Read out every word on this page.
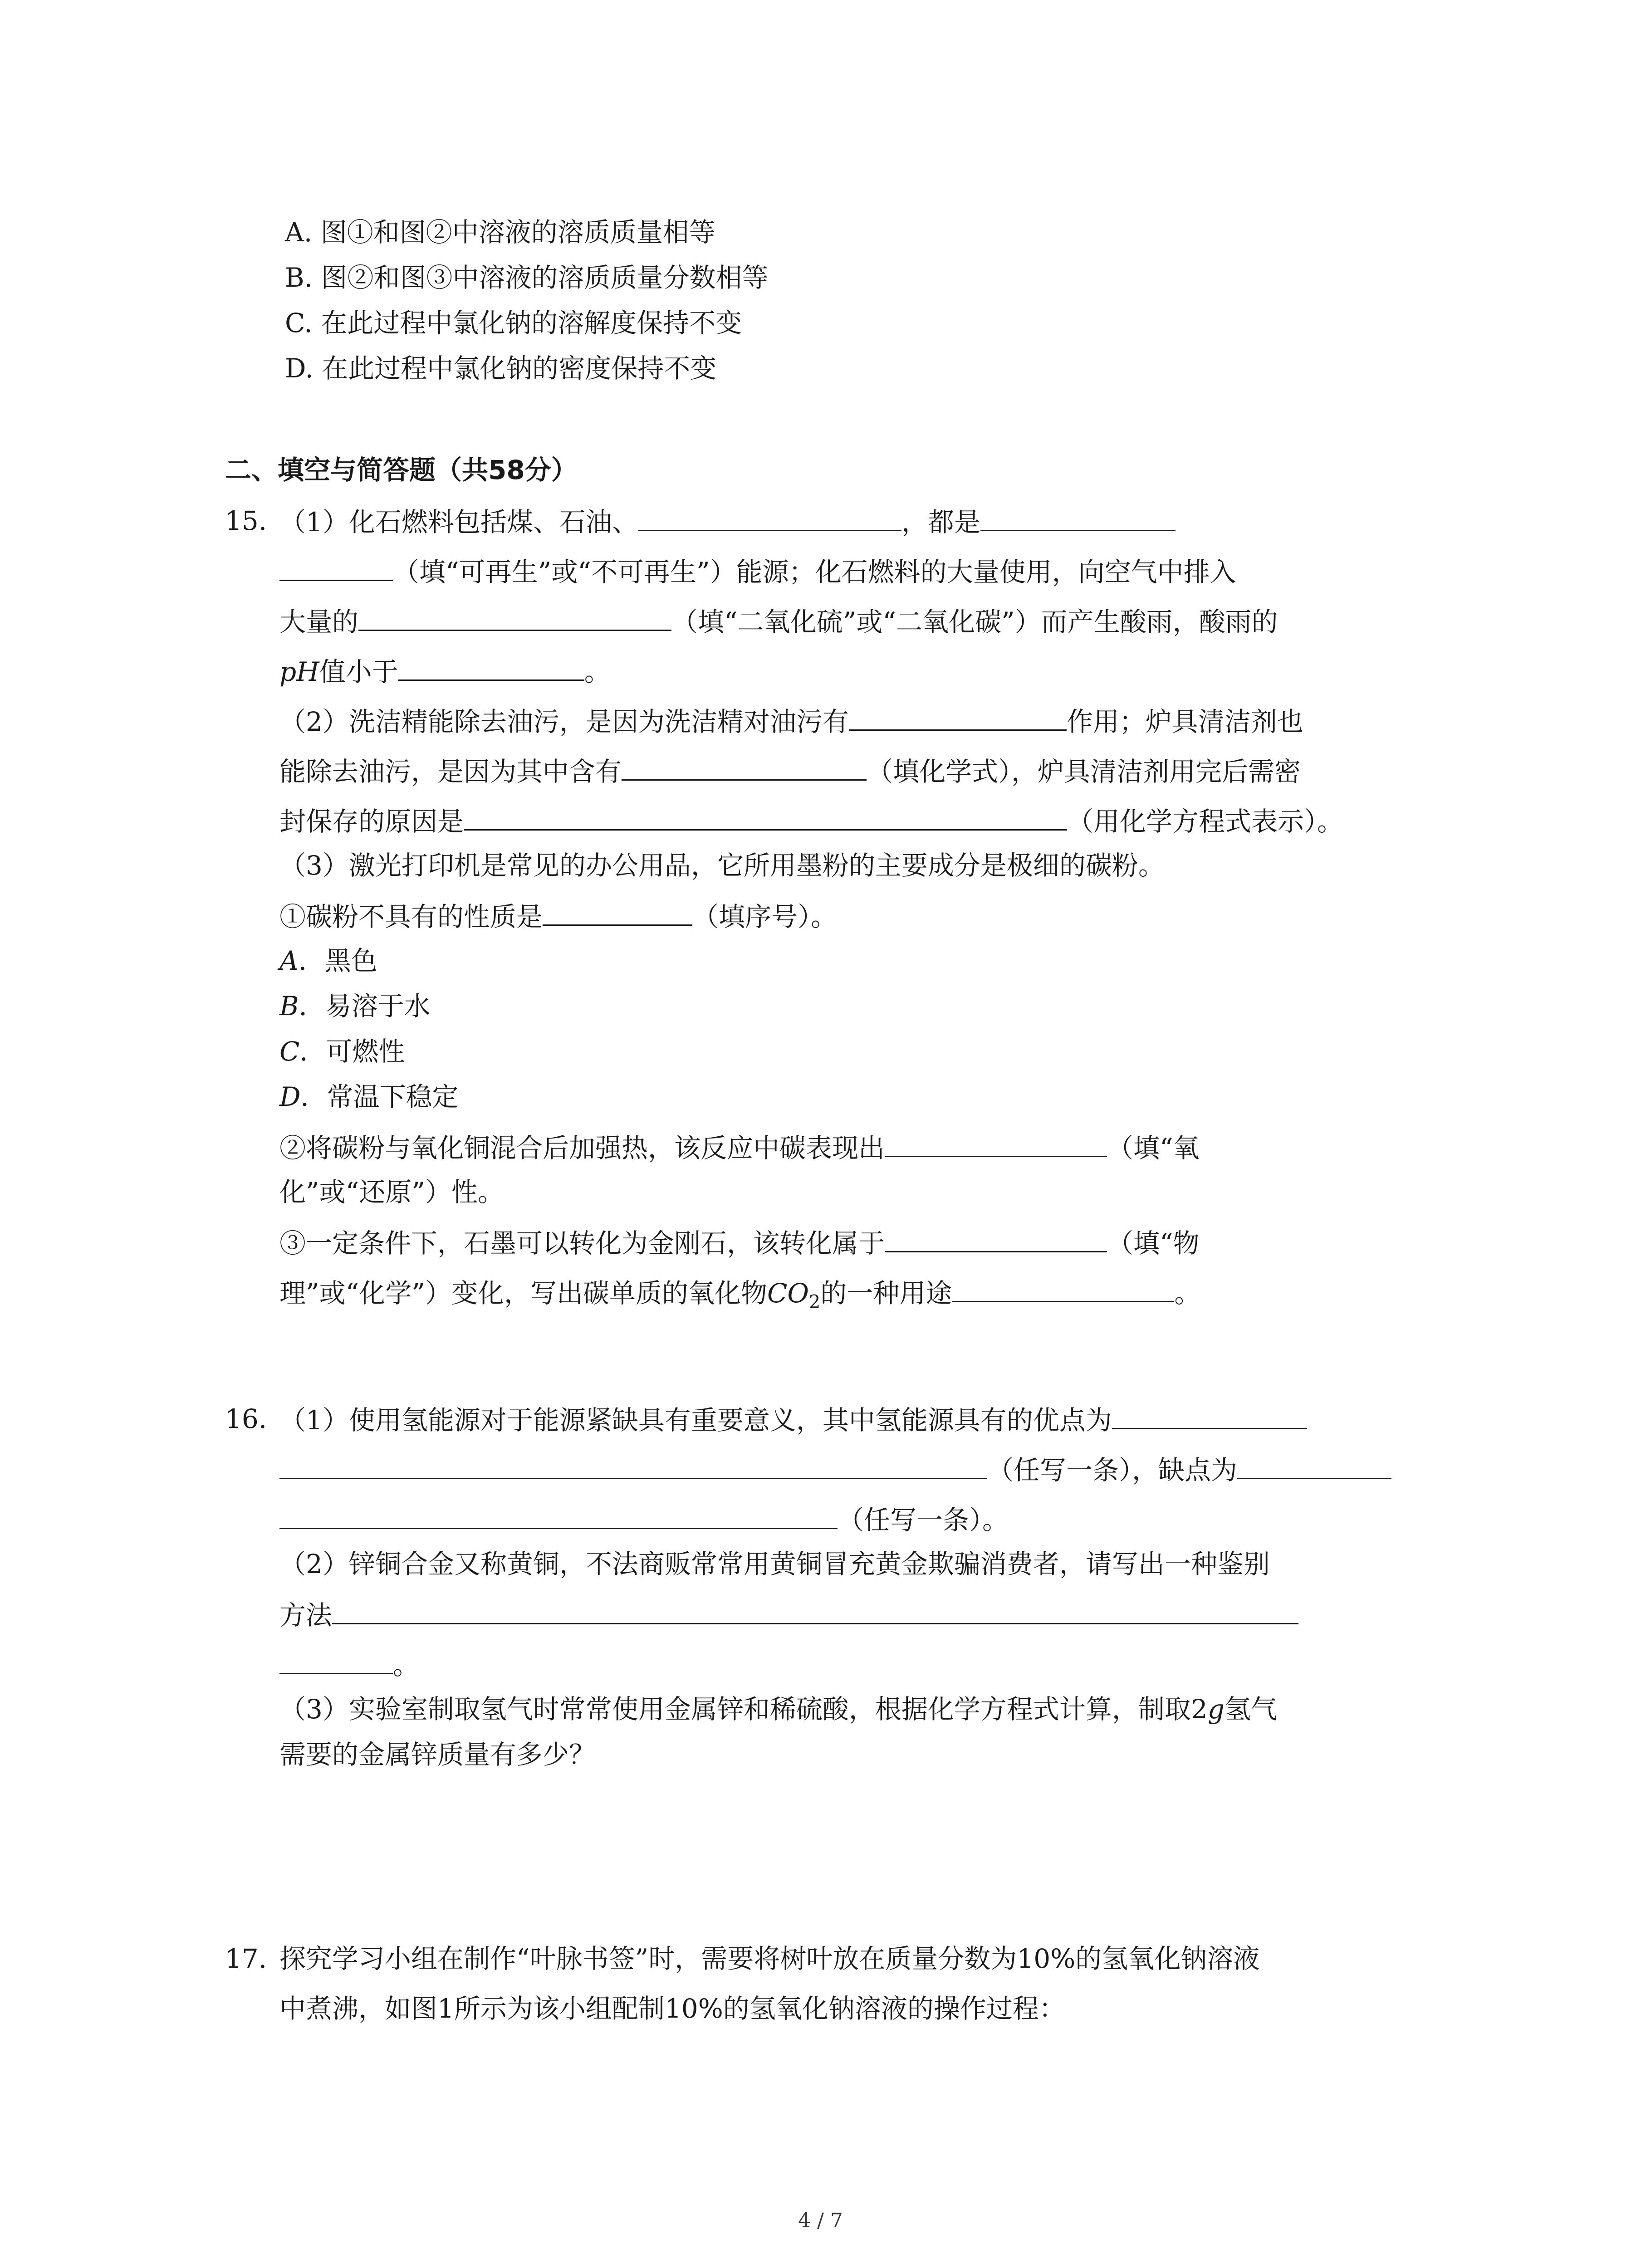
A. 图①和图②中溶液的溶质质量相等
B. 图②和图③中溶液的溶质质量分数相等
C. 在此过程中氯化钠的溶解度保持不变
D. 在此过程中氯化钠的密度保持不变
二、填空与简答题（共58分）
15. （1）化石燃料包括煤、石油、	，都是
（填“可再生”或“不可再生”）能源；化石燃料的大量使用，向空气中排入
大量的	（填“二氧化硫”或“二氧化碳”）而产生酸雨，酸雨的
pH值小于	。
（2）洗洁精能除去油污，是因为洗洁精对油污有	作用；炉具清洁剂也
能除去油污，是因为其中含有	（填化学式），炉具清洁剂用完后需密
封保存的原因是	（用化学方程式表示）。
（3）激光打印机是常见的办公用品，它所用墨粉的主要成分是极细的碳粉。
①碳粉不具有的性质是	（填序号）。
A．黑色
B．易溶于水
C．可燃性
D．常温下稳定
②将碳粉与氧化铜混合后加强热，该反应中碳表现出	（填“氧
化”或“还原”）性。
③一定条件下，石墨可以转化为金刚石，该转化属于	（填“物
理”或“化学”）变化，写出碳单质的氧化物$CO_2$的一种用途	。
16. （1）使用氢能源对于能源紧缺具有重要意义，其中氢能源具有的优点为
（任写一条），缺点为
（任写一条）。
（2）锌铜合金又称黄铜，不法商贩常常用黄铜冒充黄金欺骗消费者，请写出一种鉴别
方法
。
（3）实验室制取氢气时常常使用金属锌和稀硫酸，根据化学方程式计算，制取2g氢气
需要的金属锌质量有多少？
17. 探究学习小组在制作“叶脉书签”时，需要将树叶放在质量分数为10%的氢氧化钠溶液
中煮沸，如图1所示为该小组配制10%的氢氧化钠溶液的操作过程：
4 / 7
